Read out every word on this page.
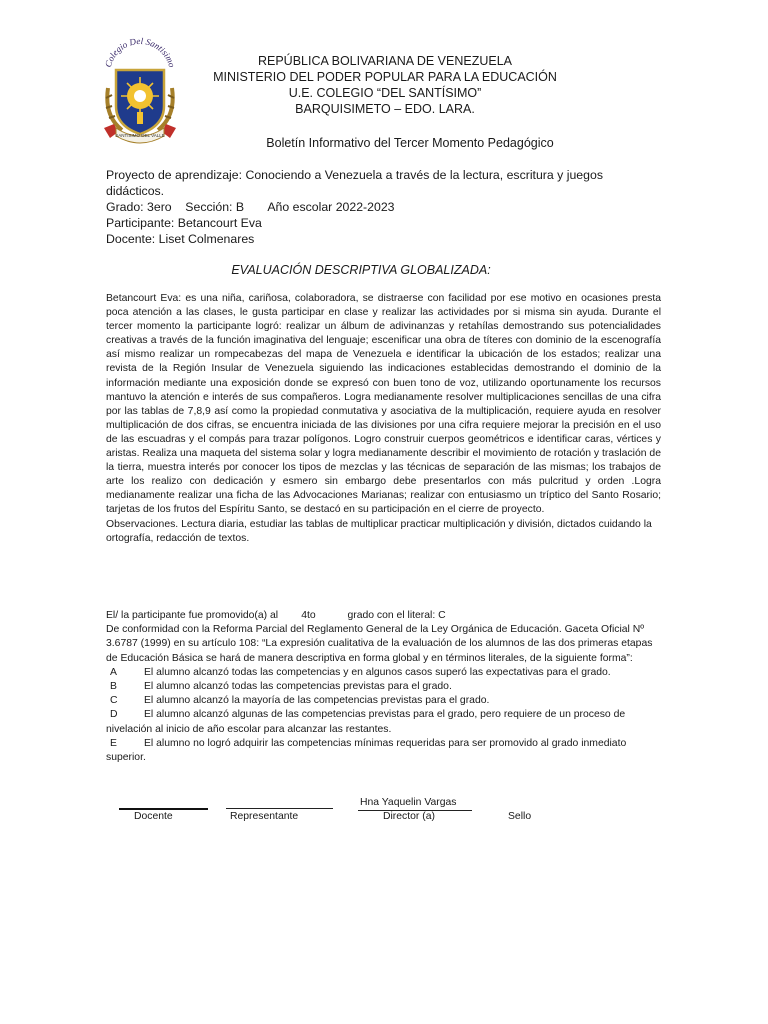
Colegio Del Santisimo
SANTISIMO DEL VALLE
REPÚBLICA BOLIVARIANA DE VENEZUELA
MINISTERIO DEL PODER POPULAR PARA LA EDUCACIÓN
U.E. COLEGIO “DEL SANTÍSIMO”
BARQUISIMETO – EDO. LARA.
Boletín Informativo del Tercer Momento Pedagógico
Proyecto de aprendizaje: Conociendo a Venezuela a través de la lectura, escritura y juegos didácticos.
Grado: 3ero Sección: B Año escolar 2022-2023
Participante: Betancourt Eva
Docente: Liset Colmenares
EVALUACIÓN DESCRIPTIVA GLOBALIZADA:

Betancourt Eva: es una niña, cariñosa, colaboradora, se distraerse con facilidad por ese motivo en ocasiones presta poca atención a las clases, le gusta participar en clase y realizar las actividades por si misma sin ayuda. Durante el tercer momento la participante logró: realizar un álbum de adivinanzas y retahílas demostrando sus potencialidades creativas a través de la función imaginativa del lenguaje; escenificar una obra de títeres con dominio de la escenografía así mismo realizar un rompecabezas del mapa de Venezuela e identificar la ubicación de los estados; realizar una revista de la Región Insular de Venezuela siguiendo las indicaciones establecidas demostrando el dominio de la información mediante una exposición donde se expresó con buen tono de voz, utilizando oportunamente los recursos mantuvo la atención e interés de sus compañeros. Logra medianamente resolver multiplicaciones sencillas de una cifra por las tablas de 7,8,9 así como la propiedad conmutativa y asociativa de la multiplicación, requiere ayuda en resolver multiplicación de dos cifras, se encuentra iniciada de las divisiones por una cifra requiere mejorar la precisión en el uso de las escuadras y el compás para trazar polígonos. Logro construir cuerpos geométricos e identificar caras, vértices y aristas. Realiza una maqueta del sistema solar y logra medianamente describir el movimiento de rotación y traslación de la tierra, muestra interés por conocer los tipos de mezclas y las técnicas de separación de las mismas; los trabajos de arte los realizo con dedicación y esmero sin embargo debe presentarlos con más pulcritud y orden .Logra medianamente realizar una ficha de las Advocaciones Marianas; realizar con entusiasmo un tríptico del Santo Rosario; tarjetas de los frutos del Espíritu Santo, se destacó en su participación en el cierre de proyecto.

Observaciones. Lectura diaria, estudiar las tablas de multiplicar practicar multiplicación y división, dictados cuidando la ortografía, redacción de textos.

El/ la participante fue promovido(a) al 4to	grado con el literal: C

De conformidad con la Reforma Parcial del Reglamento General de la Ley Orgánica de Educación. Gaceta Oficial Nº 3.6787 (1999) en su artículo 108: “La expresión cualitativa de la evaluación de los alumnos de las dos primeras etapas de Educación Básica se hará de manera descriptiva en forma global y en términos literales, de la siguiente forma”:

A	El alumno alcanzó todas las competencias y en algunos casos superó las expectativas para el grado.
B	El alumno alcanzó todas las competencias previstas para el grado.
C	El alumno alcanzó la mayoría de las competencias previstas para el grado.
D	El alumno alcanzó algunas de las competencias previstas para el grado, pero requiere de un proceso de nivelación al inicio de año escolar para alcanzar las restantes.
E	El alumno no logró adquirir las competencias mínimas requeridas para ser promovido al grado inmediato superior.
Hna Yaquelin Vargas
Docente	Representante	Director (a)	Sello
